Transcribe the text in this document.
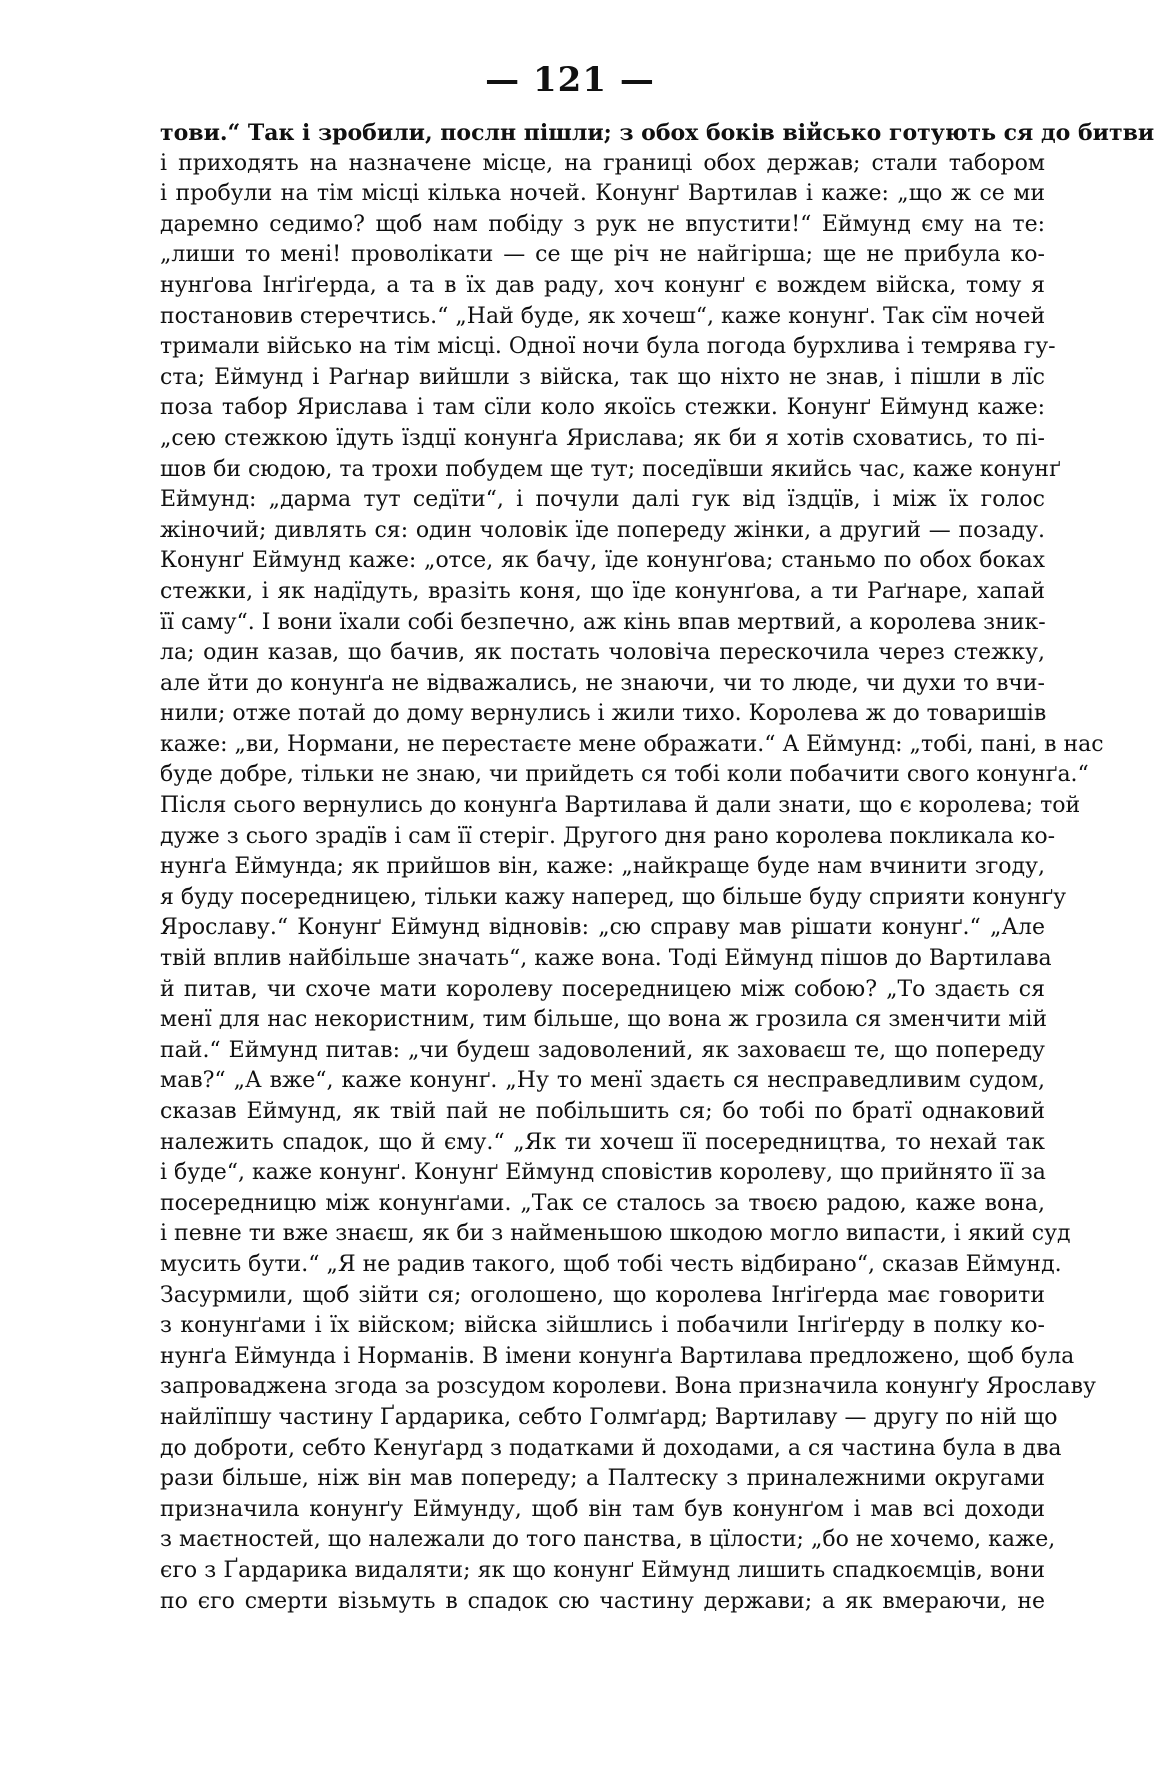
— 121 —
тови.“ Так і зробили, послн пішли; з обох боків військо готують ся до битви
і приходять на назначене місце, на границі обох держав; стали табором
і пробули на тім місці кілька ночей. Конунґ Вартилав і каже: „що ж се ми
даремно седимо? щоб нам побіду з рук не впустити!“ Еймунд єму на те:
„лиши то мені! проволікати — се ще річ не найгірша; ще не прибула ко-
нунґова Інґіґерда, а та в їх дав раду, хоч конунґ є вождем війска, тому я
постановив стеречтись.“ „Най буде, як хочеш“, каже конунґ. Так сїм ночей
тримали військо на тім місці. Одної ночи була погода бурхлива і темрява гу-
ста; Еймунд і Раґнар вийшли з війска, так що ніхто не знав, і пішли в лїс
поза табор Ярислава і там сїли коло якоїсь стежки. Конунґ Еймунд каже:
„сею стежкою їдуть їздцї конунґа Ярислава; як би я хотів сховатись, то пі-
шов би сюдою, та трохи побудем ще тут; поседївши якийсь час, каже конунґ
Еймунд: „дарма тут седїти“, і почули далі гук від їздцїв, і між їх голос
жіночий; дивлять ся: один чоловік їде попереду жінки, а другий — позаду.
Конунґ Еймунд каже: „отсе, як бачу, їде конунґова; станьмо по обох боках
стежки, і як надїдуть, вразіть коня, що їде конунґова, а ти Раґнаре, хапай
її саму“. І вони їхали собі безпечно, аж кінь впав мертвий, а королева зник-
ла; один казав, що бачив, як постать чоловіча перескочила через стежку,
але йти до конунґа не відважались, не знаючи, чи то люде, чи духи то вчи-
нили; отже потай до дому вернулись і жили тихо. Королева ж до товаришів
каже: „ви, Нормани, не перестаєте мене ображати.“ А Еймунд: „тобі, пані, в нас
буде добре, тільки не знаю, чи прийдеть ся тобі коли побачити свого конунґа.“
Після сього вернулись до конунґа Вартилава й дали знати, що є королева; той
дуже з сього зрадїв і сам її стеріг. Другого дня рано королева покликала ко-
нунґа Еймунда; як прийшов він, каже: „найкраще буде нам вчинити згоду,
я буду посередницею, тільки кажу наперед, що більше буду сприяти конунґу
Ярославу.“ Конунґ Еймунд відновів: „сю справу мав рішати конунґ.“ „Але
твій вплив найбільше значать“, каже вона. Тоді Еймунд пішов до Вартилава
й питав, чи схоче мати королеву посередницею між собою? „То здаєть ся
менї для нас некористним, тим більше, що вона ж грозила ся зменчити мій
пай.“ Еймунд питав: „чи будеш задоволений, як заховаєш те, що попереду
мав?“ „А вже“, каже конунґ. „Ну то менї здаєть ся несправедливим судом,
сказав Еймунд, як твій пай не побільшить ся; бо тобі по братї однаковий
належить спадок, що й єму.“ „Як ти хочеш її посередництва, то нехай так
і буде“, каже конунґ. Конунґ Еймунд сповістив королеву, що прийнято її за
посередницю між конунґами. „Так се сталось за твоєю радою, каже вона,
і певне ти вже знаєш, як би з найменьшою шкодою могло випасти, і який суд
мусить бути.“ „Я не радив такого, щоб тобі честь відбирано“, сказав Еймунд.
Засурмили, щоб зійти ся; оголошено, що королева Інґіґерда має говорити
з конунґами і їх війском; війска зійшлись і побачили Інґіґерду в полку ко-
нунґа Еймунда і Норманів. В імени конунґа Вартилава предложено, щоб була
запроваджена згода за розсудом королеви. Вона призначила конунґу Ярославу
найлїпшу частину Ґардарика, себто Голмґард; Вартилаву — другу по ній що
до доброти, себто Кенуґард з податками й доходами, а ся частина була в два
рази більше, ніж він мав попереду; а Палтеску з приналежними округами
призначила конунґу Еймунду, щоб він там був конунґом і мав всі доходи
з маєтностей, що належали до того панства, в цїлости; „бо не хочемо, каже,
єго з Ґардарика видаляти; як що конунґ Еймунд лишить спадкоємців, вони
по єго смерти візьмуть в спадок сю частину держави; а як вмераючи, не
